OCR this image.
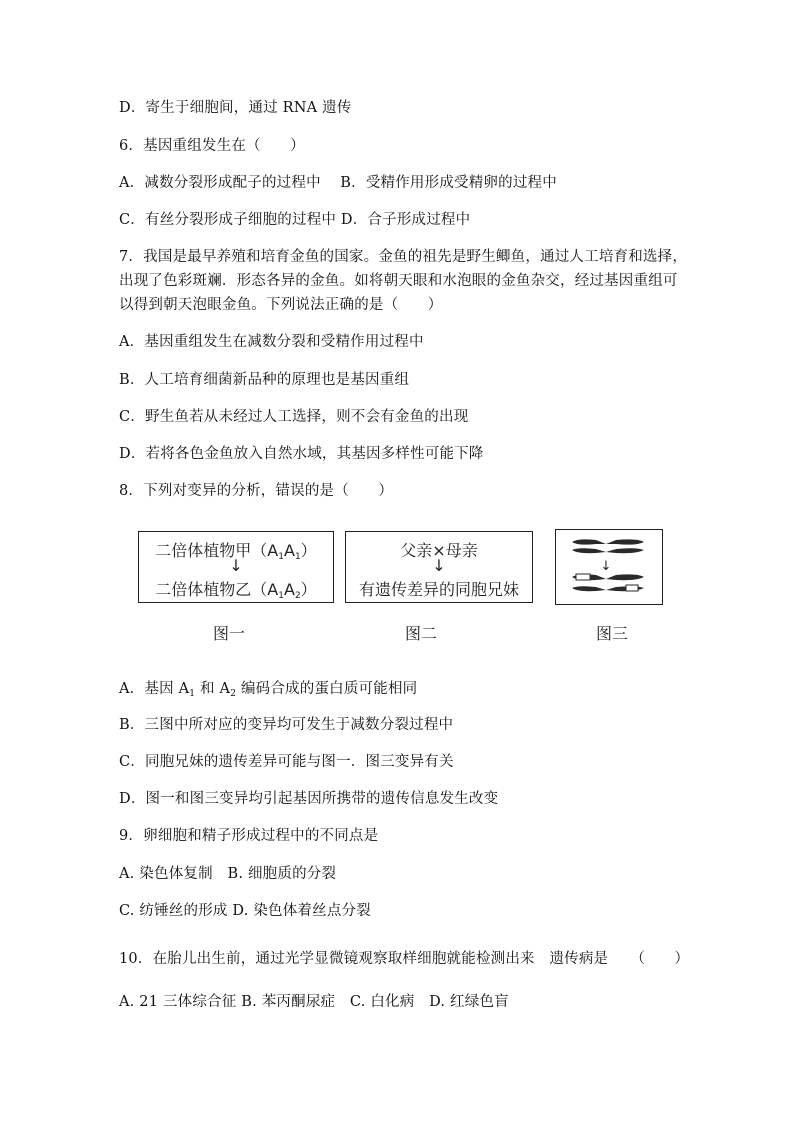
D．寄生于细胞间，通过 RNA 遗传
6．基因重组发生在（　　）
A．减数分裂形成配子的过程中　 B．受精作用形成受精卵的过程中
C．有丝分裂形成子细胞的过程中 D．合子形成过程中
7．我国是最早养殖和培育金鱼的国家。金鱼的祖先是野生鲫鱼，通过人工培育和选择，
出现了色彩斑斓．形态各异的金鱼。如将朝天眼和水泡眼的金鱼杂交，经过基因重组可
以得到朝天泡眼金鱼。下列说法正确的是（　　）
A．基因重组发生在减数分裂和受精作用过程中
B．人工培育细菌新品种的原理也是基因重组
C．野生鱼若从未经过人工选择，则不会有金鱼的出现
D．若将各色金鱼放入自然水域，其基因多样性可能下降
8．下列对变异的分析，错误的是（　　）
二倍体植物甲$(A_1A_1)$
↓
二倍体植物乙$(A_1A_2)$
图一
父亲×母亲
↓
有遗传差异的同胞兄妹
图二
↓
图三
A．基因 $A_1$ 和 $A_2$ 编码合成的蛋白质可能相同
B．三图中所对应的变异均可发生于减数分裂过程中
C．同胞兄妹的遗传差异可能与图一．图三变异有关
D．图一和图三变异均引起基因所携带的遗传信息发生改变
9．卵细胞和精子形成过程中的不同点是
A. 染色体复制　B. 细胞质的分裂
C. 纺锤丝的形成 D. 染色体着丝点分裂
10．在胎儿出生前，通过光学显微镜观察取样细胞就能检测出来　遗传病是　　（　　）
A. 21 三体综合征 B. 苯丙酮尿症　C. 白化病　D. 红绿色盲
